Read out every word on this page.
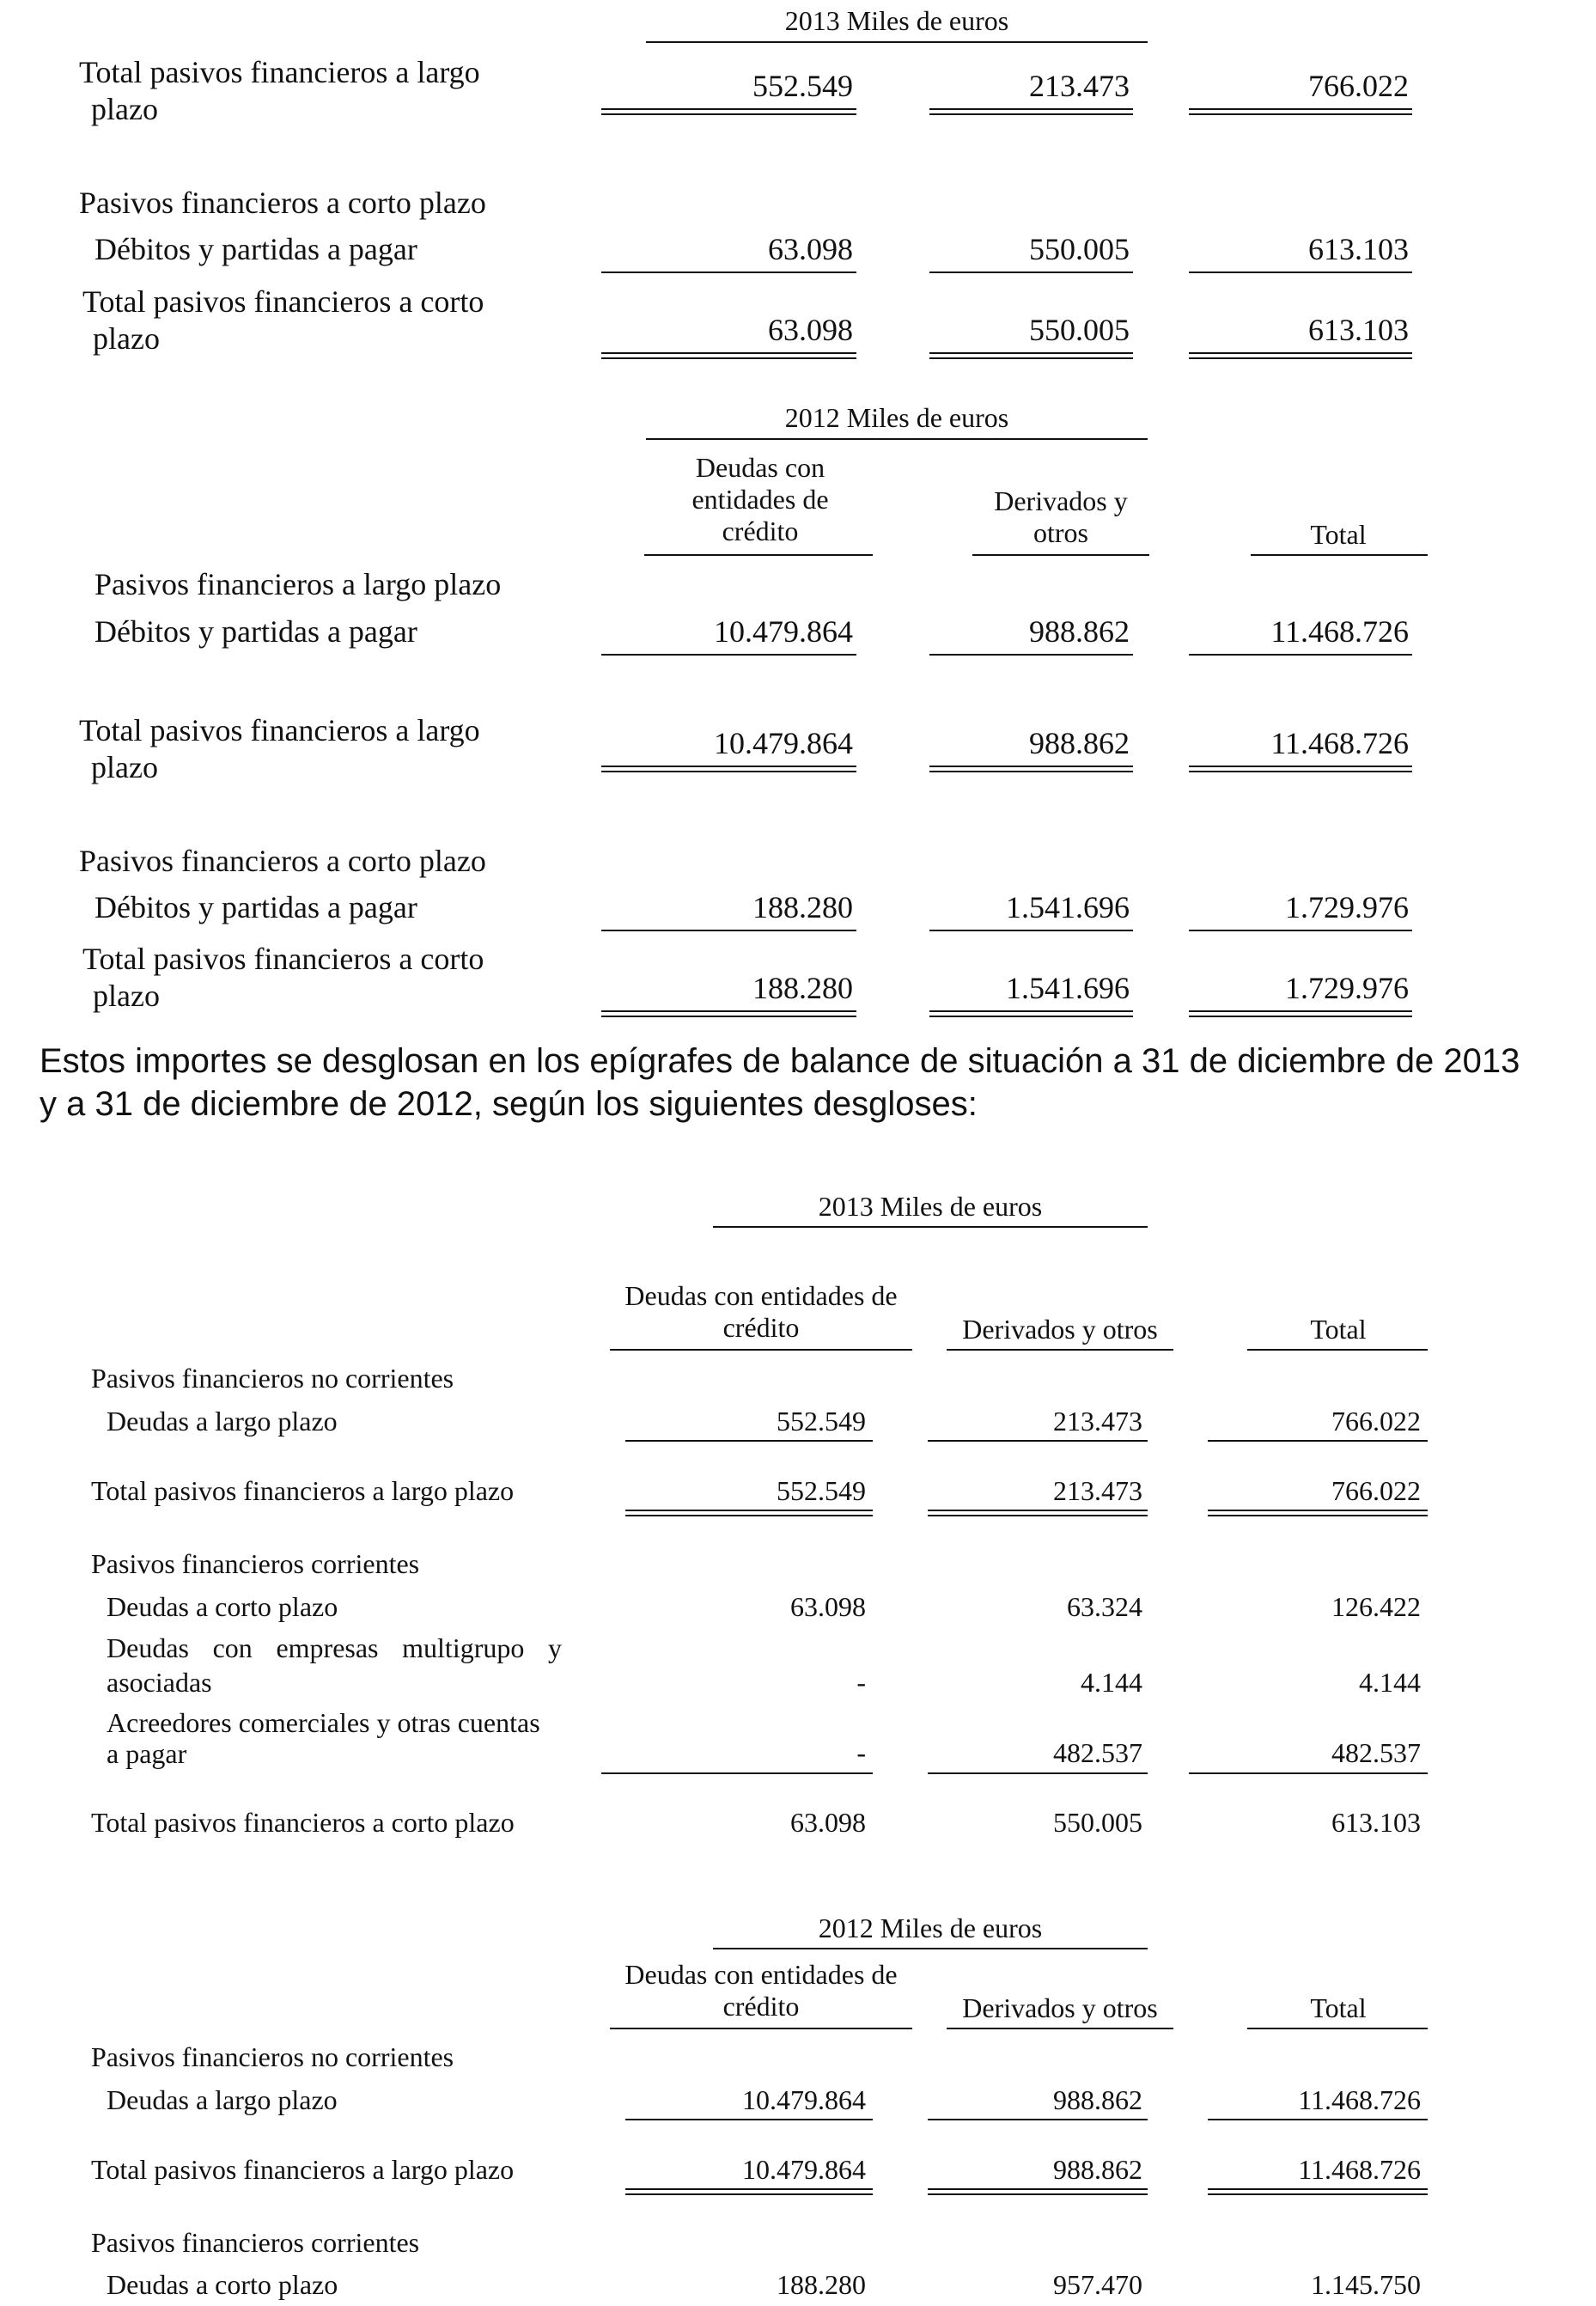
2013 Miles de euros
Total pasivos financieros a largo
plazo
552.549	213.473	766.022
Pasivos financieros a corto plazo
Débitos y partidas a pagar	63.098	550.005	613.103
Total pasivos financieros a corto
plazo	63.098	550.005	613.103
2012 Miles de euros
Deudas con entidades de crédito
Derivados y otros	Total
Pasivos financieros a largo plazo
Débitos y partidas a pagar	10.479.864	988.862	11.468.726
Total pasivos financieros a largo
plazo
10.479.864	988.862	11.468.726
Pasivos financieros a corto plazo
Débitos y partidas a pagar	188.280	1.541.696	1.729.976
Total pasivos financieros a corto
plazo	188.280	1.541.696	1.729.976
Estos importes se desglosan en los epígrafes de balance de situación a 31 de diciembre de 2013 y a 31 de diciembre de 2012, según los siguientes desgloses:
2013 Miles de euros
Deudas con entidades de crédito	Derivados y otros	Total
Pasivos financieros no corrientes
Deudas a largo plazo	552.549	213.473	766.022
Total pasivos financieros a largo plazo	552.549	213.473	766.022
Pasivos financieros corrientes
Deudas a corto plazo	63.098	63.324	126.422
Deudas con empresas multigrupo y
asociadas	-	4.144	4.144
Acreedores comerciales y otras cuentas
a pagar	-	482.537	482.537
Total pasivos financieros a corto plazo	63.098	550.005	613.103
2012 Miles de euros
Deudas con entidades de crédito	Derivados y otros	Total
Pasivos financieros no corrientes
Deudas a largo plazo	10.479.864	988.862	11.468.726
Total pasivos financieros a largo plazo	10.479.864	988.862	11.468.726
Pasivos financieros corrientes
Deudas a corto plazo	188.280	957.470	1.145.750
